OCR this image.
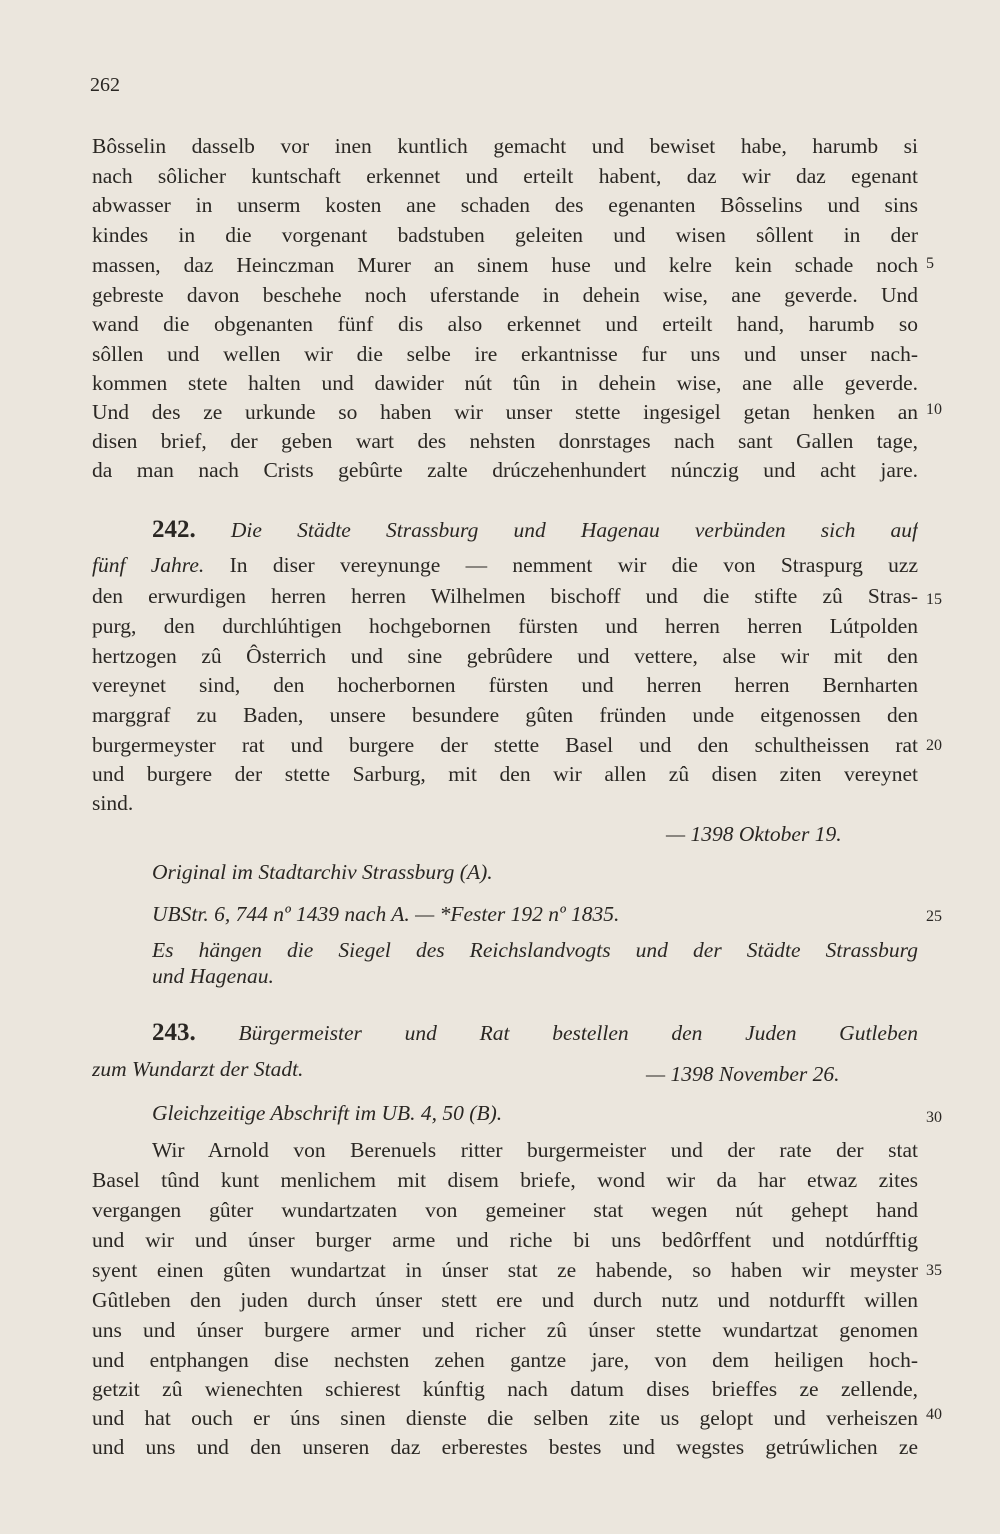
262
Bôsselin dasselb vor inen kuntlich gemacht und bewiset habe, harumb si
nach sôlicher kuntschaft erkennet und erteilt habent, daz wir daz egenant
abwasser in unserm kosten ane schaden des egenanten Bôsselins und sins
kindes in die vorgenant badstuben geleiten und wisen sôllent in der
massen, daz Heinczman Murer an sinem huse und kelre kein schade noch
gebreste davon beschehe noch uferstande in dehein wise, ane geverde. Und
wand die obgenanten fünf dis also erkennet und erteilt hand, harumb so
sôllen und wellen wir die selbe ire erkantnisse fur uns und unser nach-
kommen stete halten und dawider nút tûn in dehein wise, ane alle geverde.
Und des ze urkunde so haben wir unser stette ingesigel getan henken an
disen brief, der geben wart des nehsten donrstages nach sant Gallen tage,
da man nach Crists gebûrte zalte drúczehenhundert núnczig und acht jare.
242. Die Städte Strassburg und Hagenau verbünden sich auf
fünf Jahre. In diser vereynunge — nemment wir die von Straspurg uzz
den erwurdigen herren herren Wilhelmen bischoff und die stifte zû Stras-
purg, den durchlúhtigen hochgebornen fürsten und herren herren Lútpolden
hertzogen zû Ôsterrich und sine gebrûdere und vettere, alse wir mit den
vereynet sind, den hocherbornen fürsten und herren herren Bernharten
marggraf zu Baden, unsere besundere gûten fründen unde eitgenossen den
burgermeyster rat und burgere der stette Basel und den schultheissen rat
und burgere der stette Sarburg, mit den wir allen zû disen ziten vereynet
sind.
— 1398 Oktober 19.
Original im Stadtarchiv Strassburg (A).
UBStr. 6, 744 nº 1439 nach A. — *Fester 192 nº 1835.
Es hängen die Siegel des Reichslandvogts und der Städte Strassburg
und Hagenau.
243. Bürgermeister und Rat bestellen den Juden Gutleben
zum Wundarzt der Stadt.	— 1398 November 26.
Gleichzeitige Abschrift im UB. 4, 50 (B).
Wir Arnold von Berenuels ritter burgermeister und der rate der stat
Basel tûnd kunt menlichem mit disem briefe, wond wir da har etwaz zites
vergangen gûter wundartzaten von gemeiner stat wegen nút gehept hand
und wir und únser burger arme und riche bi uns bedôrffent und notdúrfftig
syent einen gûten wundartzat in únser stat ze habende, so haben wir meyster
Gûtleben den juden durch únser stett ere und durch nutz und notdurfft willen
uns und únser burgere armer und richer zû únser stette wundartzat genomen
und entphangen dise nechsten zehen gantze jare, von dem heiligen hoch-
getzit zû wienechten schierest kúnftig nach datum dises brieffes ze zellende,
und hat ouch er úns sinen dienste die selben zite us gelopt und verheiszen
und uns und den unseren daz erberestes bestes und wegstes getrúwlichen ze
5
10
15
20
25
30
35
40
